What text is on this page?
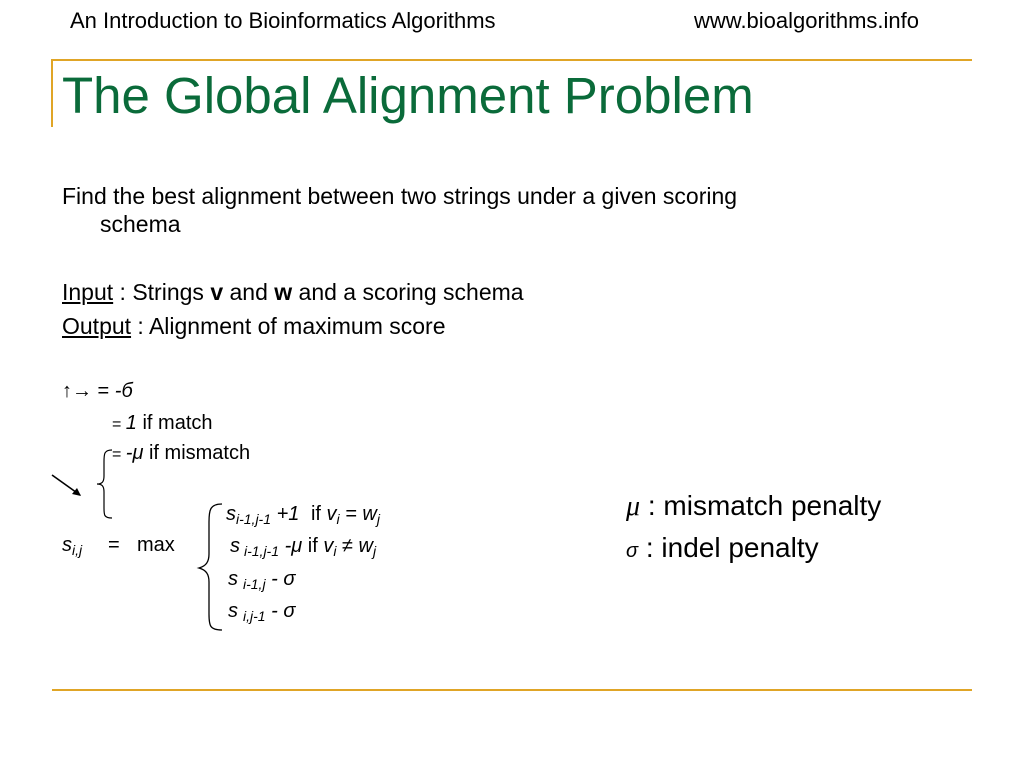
An Introduction to Bioinformatics Algorithms	www.bioalgorithms.info
The Global Alignment Problem
Find the best alignment between two strings under a given scoring
schema
Input : Strings v and w and a scoring schema
Output : Alignment of maximum score
↑→ = -б
= 1 if match
= -μ if mismatch
$s_{i,j} = \max$
$s_{i-1,j-1} +1$ if $v_i = w_j$
s $_{i-1,j-1}$ -μ if $v_i \ne w_j$
s $_{i-1,j}$ - σ
s $_{i,j-1}$ - σ
μ : mismatch penalty
σ : indel penalty
